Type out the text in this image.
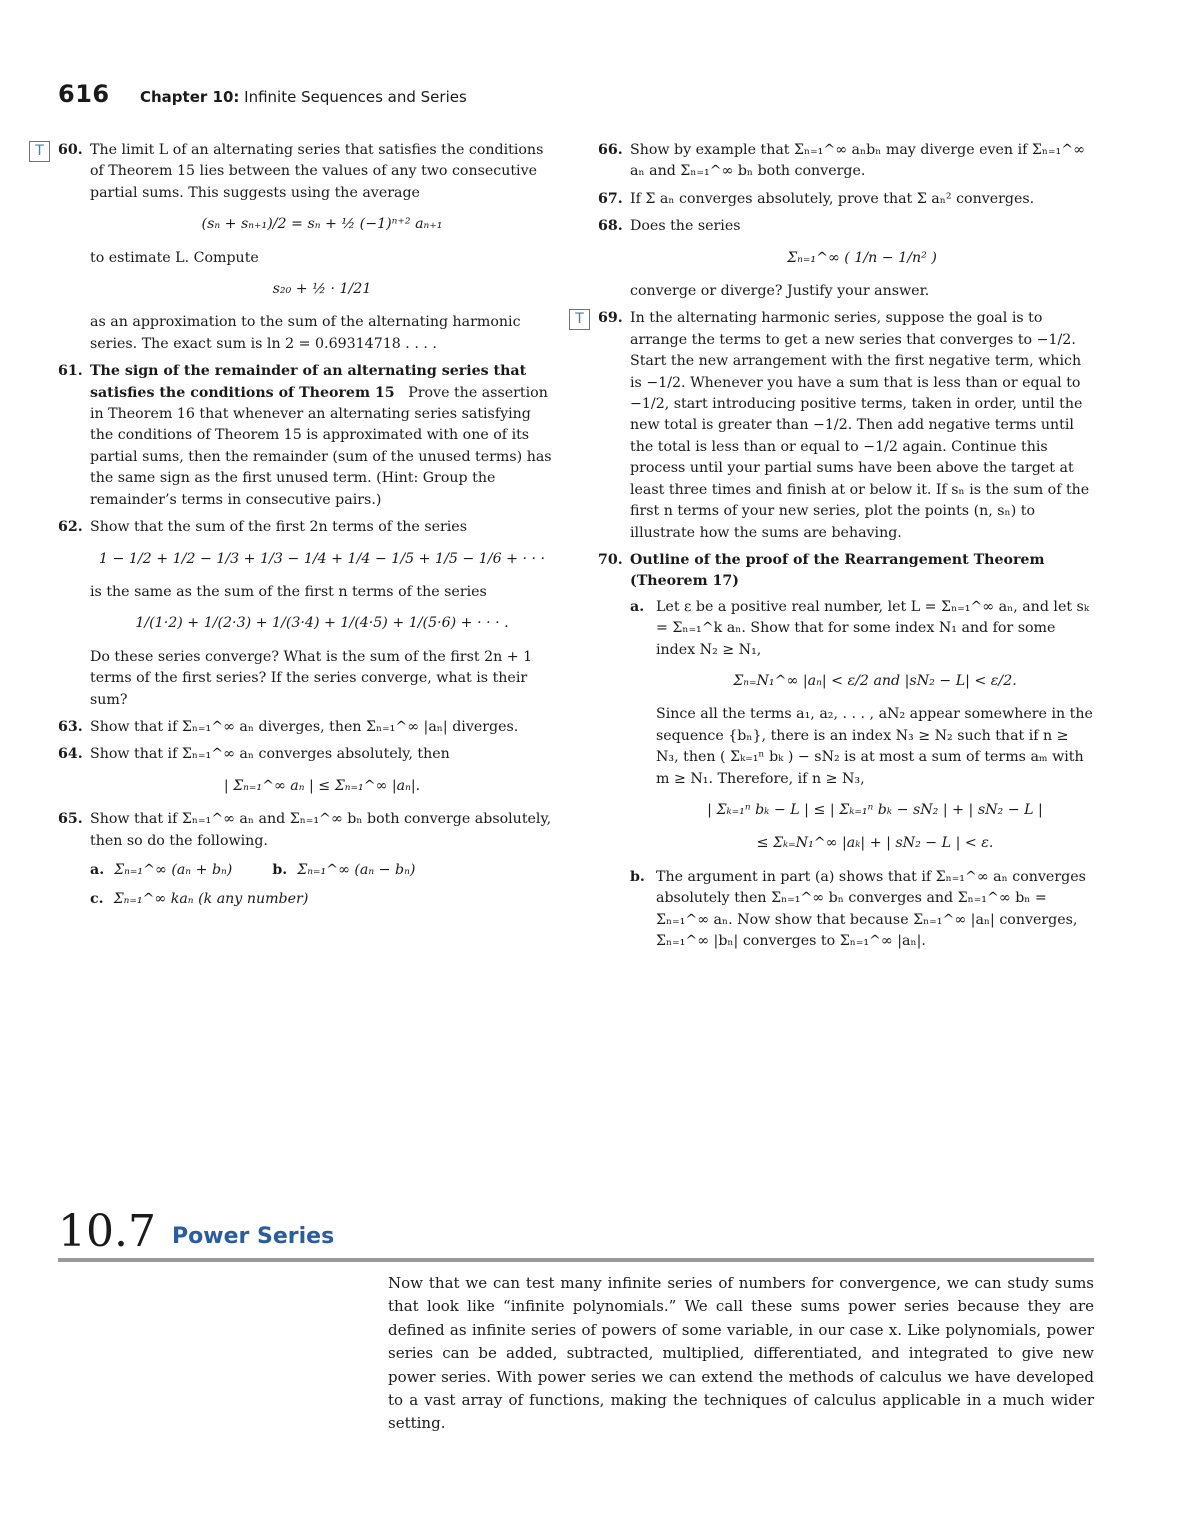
616 Chapter 10: Infinite Sequences and Series
T	60. The limit L of an alternating series that satisfies the conditions of Theorem 15 lies between the values of any two consecutive partial sums. This suggests using the average
(sₙ + sₙ₊₁)/2 = sₙ + ½ (−1)ⁿ⁺² aₙ₊₁
to estimate L. Compute
s₂₀ + ½ · 1/21
as an approximation to the sum of the alternating harmonic series. The exact sum is ln 2 = 0.69314718 . . . .
61. The sign of the remainder of an alternating series that satisfies the conditions of Theorem 15 Prove the assertion in Theorem 16 that whenever an alternating series satisfying the conditions of Theorem 15 is approximated with one of its partial sums, then the remainder (sum of the unused terms) has the same sign as the first unused term. (Hint: Group the remainder’s terms in consecutive pairs.)
62. Show that the sum of the first 2n terms of the series
1 − 1/2 + 1/2 − 1/3 + 1/3 − 1/4 + 1/4 − 1/5 + 1/5 − 1/6 + · · ·
is the same as the sum of the first n terms of the series
1/(1·2) + 1/(2·3) + 1/(3·4) + 1/(4·5) + 1/(5·6) + · · · .
Do these series converge? What is the sum of the first 2n + 1 terms of the first series? If the series converge, what is their sum?
63. Show that if Σₙ₌₁^∞ aₙ diverges, then Σₙ₌₁^∞ |aₙ| diverges.
64. Show that if Σₙ₌₁^∞ aₙ converges absolutely, then
| Σₙ₌₁^∞ aₙ | ≤ Σₙ₌₁^∞ |aₙ|.
65. Show that if Σₙ₌₁^∞ aₙ and Σₙ₌₁^∞ bₙ both converge absolutely, then so do the following.
a. Σₙ₌₁^∞ (aₙ + bₙ)	b. Σₙ₌₁^∞ (aₙ − bₙ)
c. Σₙ₌₁^∞ kaₙ (k any number)
66. Show by example that Σₙ₌₁^∞ aₙbₙ may diverge even if Σₙ₌₁^∞ aₙ and Σₙ₌₁^∞ bₙ both converge.
67. If Σ aₙ converges absolutely, prove that Σ aₙ² converges.
68. Does the series
Σₙ₌₁^∞ ( 1/n − 1/n² )
converge or diverge? Justify your answer.
T	69. In the alternating harmonic series, suppose the goal is to arrange the terms to get a new series that converges to −1/2. Start the new arrangement with the first negative term, which is −1/2. Whenever you have a sum that is less than or equal to −1/2, start introducing positive terms, taken in order, until the new total is greater than −1/2. Then add negative terms until the total is less than or equal to −1/2 again. Continue this process until your partial sums have been above the target at least three times and finish at or below it. If sₙ is the sum of the first n terms of your new series, plot the points (n, sₙ) to illustrate how the sums are behaving.
70. Outline of the proof of the Rearrangement Theorem (Theorem 17)
a. Let ε be a positive real number, let L = Σₙ₌₁^∞ aₙ, and let sₖ = Σₙ₌₁^k aₙ. Show that for some index N₁ and for some index N₂ ≥ N₁,
Σₙ₌N₁^∞ |aₙ| < ε/2 and |sN₂ − L| < ε/2.
Since all the terms a₁, a₂, . . . , aN₂ appear somewhere in the sequence {bₙ}, there is an index N₃ ≥ N₂ such that if n ≥ N₃, then ( Σₖ₌₁ⁿ bₖ ) − sN₂ is at most a sum of terms aₘ with m ≥ N₁. Therefore, if n ≥ N₃,
| Σₖ₌₁ⁿ bₖ − L | ≤ | Σₖ₌₁ⁿ bₖ − sN₂ | + | sN₂ − L |
≤ Σₖ₌N₁^∞ |aₖ| + | sN₂ − L | < ε.
b. The argument in part (a) shows that if Σₙ₌₁^∞ aₙ converges absolutely then Σₙ₌₁^∞ bₙ converges and Σₙ₌₁^∞ bₙ = Σₙ₌₁^∞ aₙ. Now show that because Σₙ₌₁^∞ |aₙ| converges, Σₙ₌₁^∞ |bₙ| converges to Σₙ₌₁^∞ |aₙ|.
10.7 Power Series
Now that we can test many infinite series of numbers for convergence, we can study sums that look like “infinite polynomials.” We call these sums power series because they are defined as infinite series of powers of some variable, in our case x. Like polynomials, power series can be added, subtracted, multiplied, differentiated, and integrated to give new power series. With power series we can extend the methods of calculus we have developed to a vast array of functions, making the techniques of calculus applicable in a much wider setting.
